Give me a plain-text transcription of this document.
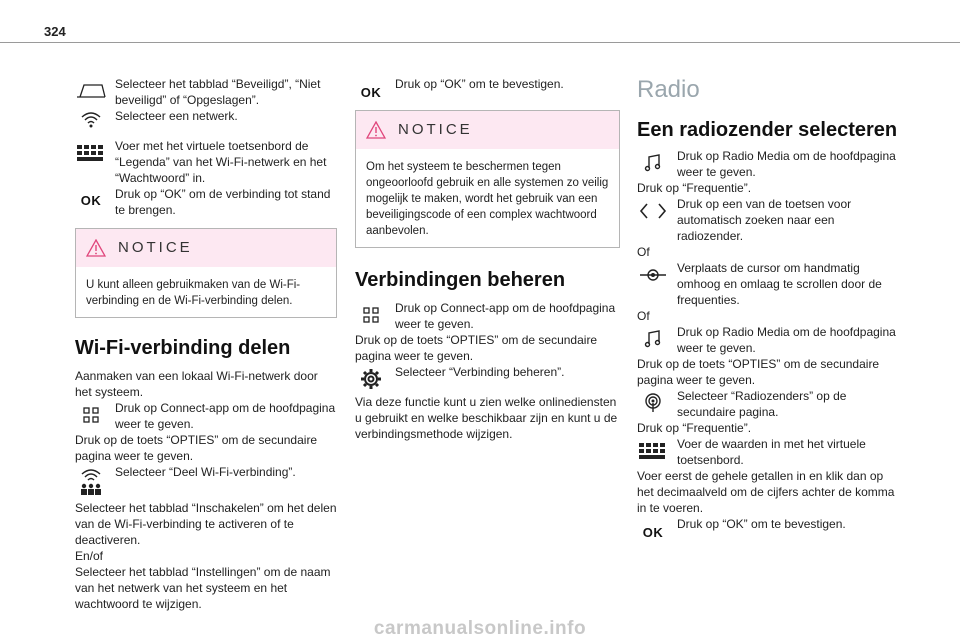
324

Selecteer het tabblad “Beveiligd”, “Niet beveiligd” of “Opgeslagen”.

Selecteer een netwerk.

Voer met het virtuele toetsenbord de “Legenda” van het Wi-Fi-netwerk en het “Wachtwoord” in.

OK	Druk op “OK” om de verbinding tot stand te brengen.

NOTICE
U kunt alleen gebruikmaken van de Wi-Fi-verbinding en de Wi-Fi-verbinding delen.
Wi-Fi-verbinding delen

Aanmaken van een lokaal Wi-Fi-netwerk door het systeem.

Druk op Connect-app om de hoofdpagina weer te geven.

Druk op de toets “OPTIES” om de secundaire pagina weer te geven.

Selecteer “Deel Wi-Fi-verbinding”.

Selecteer het tabblad “Inschakelen” om het delen van de Wi-Fi-verbinding te activeren of te deactiveren.

En/of

Selecteer het tabblad “Instellingen” om de naam van het netwerk van het systeem en het wachtwoord te wijzigen.

OK

Druk op “OK” om te bevestigen.

NOTICE
Om het systeem te beschermen tegen ongeoorloofd gebruik en alle systemen zo veilig mogelijk te maken, wordt het gebruik van een beveiligingscode of een complex wachtwoord aanbevolen.
Verbindingen beheren

Druk op Connect-app om de hoofdpagina weer te geven.

Druk op de toets “OPTIES” om de secundaire pagina weer te geven.

Selecteer “Verbinding beheren”.

Via deze functie kunt u zien welke onlinediensten u gebruikt en welke beschikbaar zijn en kunt u de verbindingsmethode wijzigen.

Radio
Een radiozender selecteren

Druk op Radio Media om de hoofdpagina weer te geven.

Druk op “Frequentie”.

Druk op een van de toetsen voor automatisch zoeken naar een radiozender.

Of

Verplaats de cursor om handmatig omhoog en omlaag te scrollen door de frequenties.

Of

Druk op Radio Media om de hoofdpagina weer te geven.

Druk op de toets “OPTIES” om de secundaire pagina weer te geven.

Selecteer “Radiozenders” op de secundaire pagina.

Druk op “Frequentie”.

Voer de waarden in met het virtuele toetsenbord.

Voer eerst de gehele getallen in en klik dan op het decimaalveld om de cijfers achter de komma in te voeren.

OK

Druk op “OK” om te bevestigen.

carmanualsonline.info
